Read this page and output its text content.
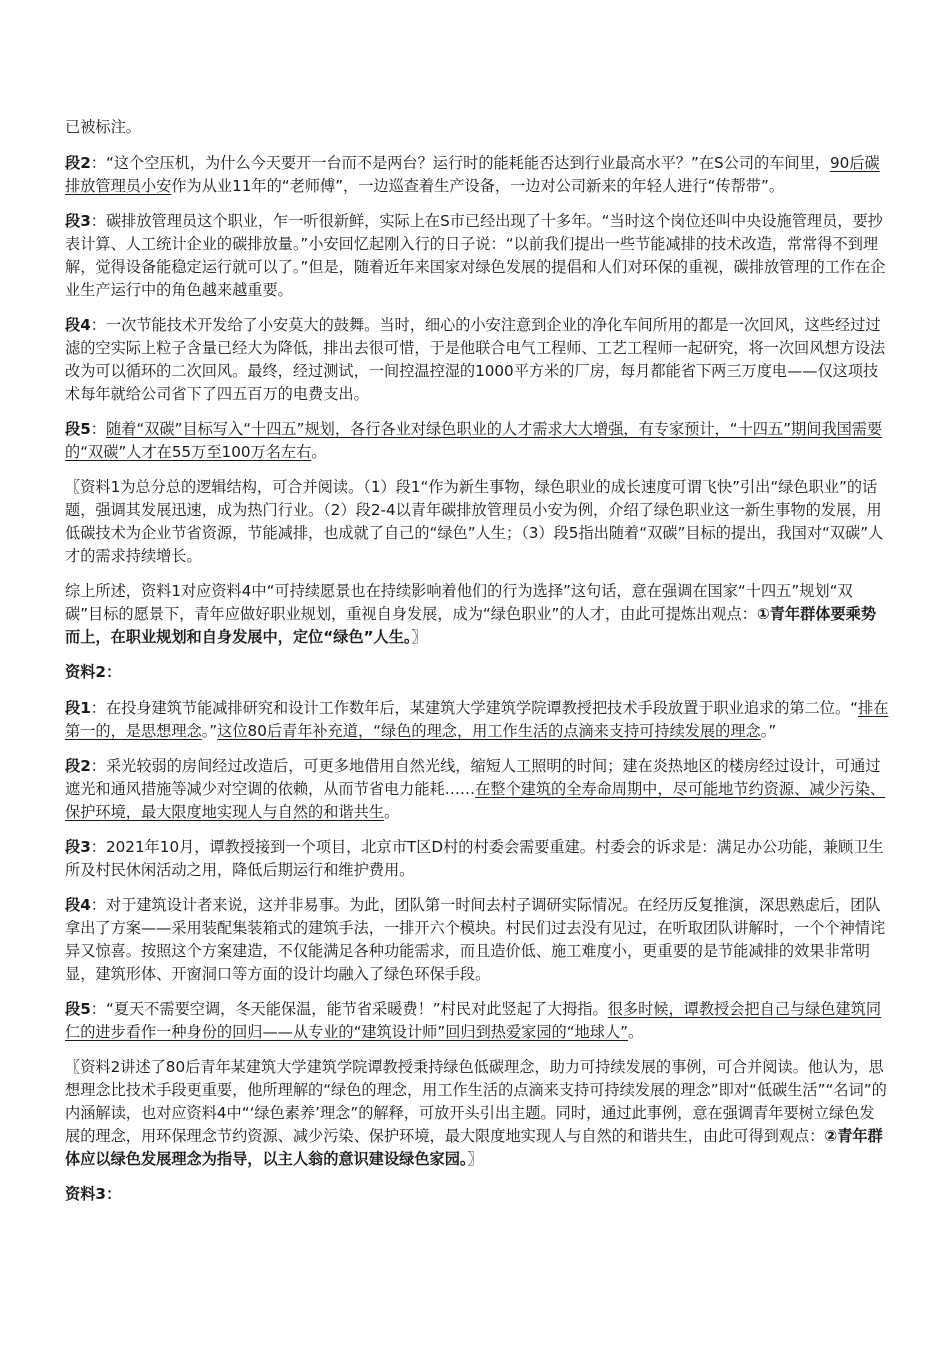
已被标注。

段2：“这个空压机，为什么今天要开一台而不是两台？运行时的能耗能否达到行业最高水平？”在S公司的车间里，90后碳排放管理员小安作为从业11年的“老师傅”，一边巡查着生产设备，一边对公司新来的年轻人进行“传帮带”。

段3：碳排放管理员这个职业，乍一听很新鲜，实际上在S市已经出现了十多年。“当时这个岗位还叫中央设施管理员，要抄表计算、人工统计企业的碳排放量。”小安回忆起刚入行的日子说：“以前我们提出一些节能减排的技术改造，常常得不到理解，觉得设备能稳定运行就可以了。”但是，随着近年来国家对绿色发展的提倡和人们对环保的重视，碳排放管理的工作在企业生产运行中的角色越来越重要。

段4：一次节能技术开发给了小安莫大的鼓舞。当时，细心的小安注意到企业的净化车间所用的都是一次回风，这些经过过滤的空实际上粒子含量已经大为降低，排出去很可惜，于是他联合电气工程师、工艺工程师一起研究，将一次回风想方设法改为可以循环的二次回风。最终，经过测试，一间控温控湿的1000平方米的厂房，每月都能省下两三万度电——仅这项技术每年就给公司省下了四五百万的电费支出。

段5：随着“双碳”目标写入“十四五”规划，各行各业对绿色职业的人才需求大大增强，有专家预计，“十四五”期间我国需要的“双碳”人才在55万至100万名左右。

〖资料1为总分总的逻辑结构，可合并阅读。（1）段1“作为新生事物，绿色职业的成长速度可谓飞快”引出“绿色职业”的话题，强调其发展迅速，成为热门行业。（2）段2-4以青年碳排放管理员小安为例，介绍了绿色职业这一新生事物的发展，用低碳技术为企业节省资源，节能减排，也成就了自己的“绿色”人生；（3）段5指出随着“双碳”目标的提出，我国对“双碳”人才的需求持续增长。

综上所述，资料1对应资料4中“可持续愿景也在持续影响着他们的行为选择”这句话，意在强调在国家“十四五”规划“双碳”目标的愿景下，青年应做好职业规划，重视自身发展，成为“绿色职业”的人才，由此可提炼出观点：①青年群体要乘势而上，在职业规划和自身发展中，定位“绿色”人生。〗

资料2：

段1：在投身建筑节能减排研究和设计工作数年后，某建筑大学建筑学院谭教授把技术手段放置于职业追求的第二位。“排在第一的，是思想理念。”这位80后青年补充道，“绿色的理念，用工作生活的点滴来支持可持续发展的理念。”

段2：采光较弱的房间经过改造后，可更多地借用自然光线，缩短人工照明的时间；建在炎热地区的楼房经过设计，可通过遮光和通风措施等减少对空调的依赖，从而节省电力能耗……在整个建筑的全寿命周期中，尽可能地节约资源、减少污染、保护环境，最大限度地实现人与自然的和谐共生。

段3：2021年10月，谭教授接到一个项目，北京市T区D村的村委会需要重建。村委会的诉求是：满足办公功能，兼顾卫生所及村民休闲活动之用，降低后期运行和维护费用。

段4：对于建筑设计者来说，这并非易事。为此，团队第一时间去村子调研实际情况。在经历反复推演，深思熟虑后，团队拿出了方案——采用装配集装箱式的建筑手法，一排开六个模块。村民们过去没有见过，在听取团队讲解时，一个个神情诧异又惊喜。按照这个方案建造，不仅能满足各种功能需求，而且造价低、施工难度小，更重要的是节能减排的效果非常明显，建筑形体、开窗洞口等方面的设计均融入了绿色环保手段。

段5：“夏天不需要空调，冬天能保温，能节省采暖费！”村民对此竖起了大拇指。很多时候，谭教授会把自己与绿色建筑同仁的进步看作一种身份的回归——从专业的“建筑设计师”回归到热爱家园的“地球人”。

〖资料2讲述了80后青年某建筑大学建筑学院谭教授秉持绿色低碳理念，助力可持续发展的事例，可合并阅读。他认为，思想理念比技术手段更重要，他所理解的“绿色的理念，用工作生活的点滴来支持可持续发展的理念”即对“低碳生活”“名词”的内涵解读，也对应资料4中“‘绿色素养’理念”的解释，可放开头引出主题。同时，通过此事例，意在强调青年要树立绿色发展的理念，用环保理念节约资源、减少污染、保护环境，最大限度地实现人与自然的和谐共生，由此可得到观点：②青年群体应以绿色发展理念为指导，以主人翁的意识建设绿色家园。〗

资料3：
